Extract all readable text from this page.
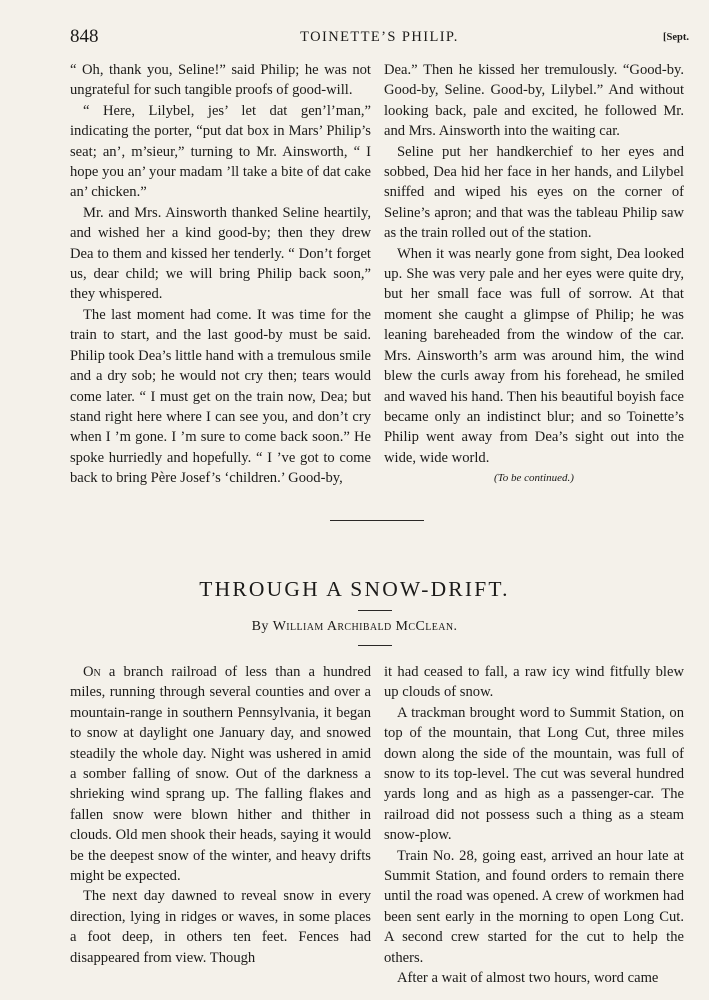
848	TOINETTE’S PHILIP.	[Sept.

“ Oh, thank you, Seline!” said Philip; he was not ungrateful for such tangible proofs of good-will.

“ Here, Lilybel, jes’ let dat gen’l’man,” indicating the porter, “put dat box in Mars’ Philip’s seat; an’, m’sieur,” turning to Mr. Ainsworth, “ I hope you an’ your madam ’ll take a bite of dat cake an’ chicken.”

Mr. and Mrs. Ainsworth thanked Seline heartily, and wished her a kind good-by; then they drew Dea to them and kissed her tenderly. “ Don’t forget us, dear child; we will bring Philip back soon,” they whispered.

The last moment had come. It was time for the train to start, and the last good-by must be said. Philip took Dea’s little hand with a tremulous smile and a dry sob; he would not cry then; tears would come later. “ I must get on the train now, Dea; but stand right here where I can see you, and don’t cry when I ’m gone. I ’m sure to come back soon.” He spoke hurriedly and hopefully. “ I ’ve got to come back to bring Père Josef’s ‘children.’ Good-by,

Dea.” Then he kissed her tremulously. “Good-by. Good-by, Seline. Good-by, Lilybel.” And without looking back, pale and excited, he followed Mr. and Mrs. Ainsworth into the waiting car.

Seline put her handkerchief to her eyes and sobbed, Dea hid her face in her hands, and Lilybel sniffed and wiped his eyes on the corner of Seline’s apron; and that was the tableau Philip saw as the train rolled out of the station.

When it was nearly gone from sight, Dea looked up. She was very pale and her eyes were quite dry, but her small face was full of sorrow. At that moment she caught a glimpse of Philip; he was leaning bareheaded from the window of the car. Mrs. Ainsworth’s arm was around him, the wind blew the curls away from his forehead, he smiled and waved his hand. Then his beautiful boyish face became only an indistinct blur; and so Toinette’s Philip went away from Dea’s sight out into the wide, wide world.

(To be continued.)
THROUGH A SNOW-DRIFT.
By William Archibald McClean.

On a branch railroad of less than a hundred miles, running through several counties and over a mountain-range in southern Pennsylvania, it began to snow at daylight one January day, and snowed steadily the whole day. Night was ushered in amid a somber falling of snow. Out of the darkness a shrieking wind sprang up. The falling flakes and fallen snow were blown hither and thither in clouds. Old men shook their heads, saying it would be the deepest snow of the winter, and heavy drifts might be expected.

The next day dawned to reveal snow in every direction, lying in ridges or waves, in some places a foot deep, in others ten feet. Fences had disappeared from view. Though

it had ceased to fall, a raw icy wind fitfully blew up clouds of snow.

A trackman brought word to Summit Station, on top of the mountain, that Long Cut, three miles down along the side of the mountain, was full of snow to its top-level. The cut was several hundred yards long and as high as a passenger-car. The railroad did not possess such a thing as a steam snow-plow.

Train No. 28, going east, arrived an hour late at Summit Station, and found orders to remain there until the road was opened. A crew of workmen had been sent early in the morning to open Long Cut. A second crew started for the cut to help the others.

After a wait of almost two hours, word came
